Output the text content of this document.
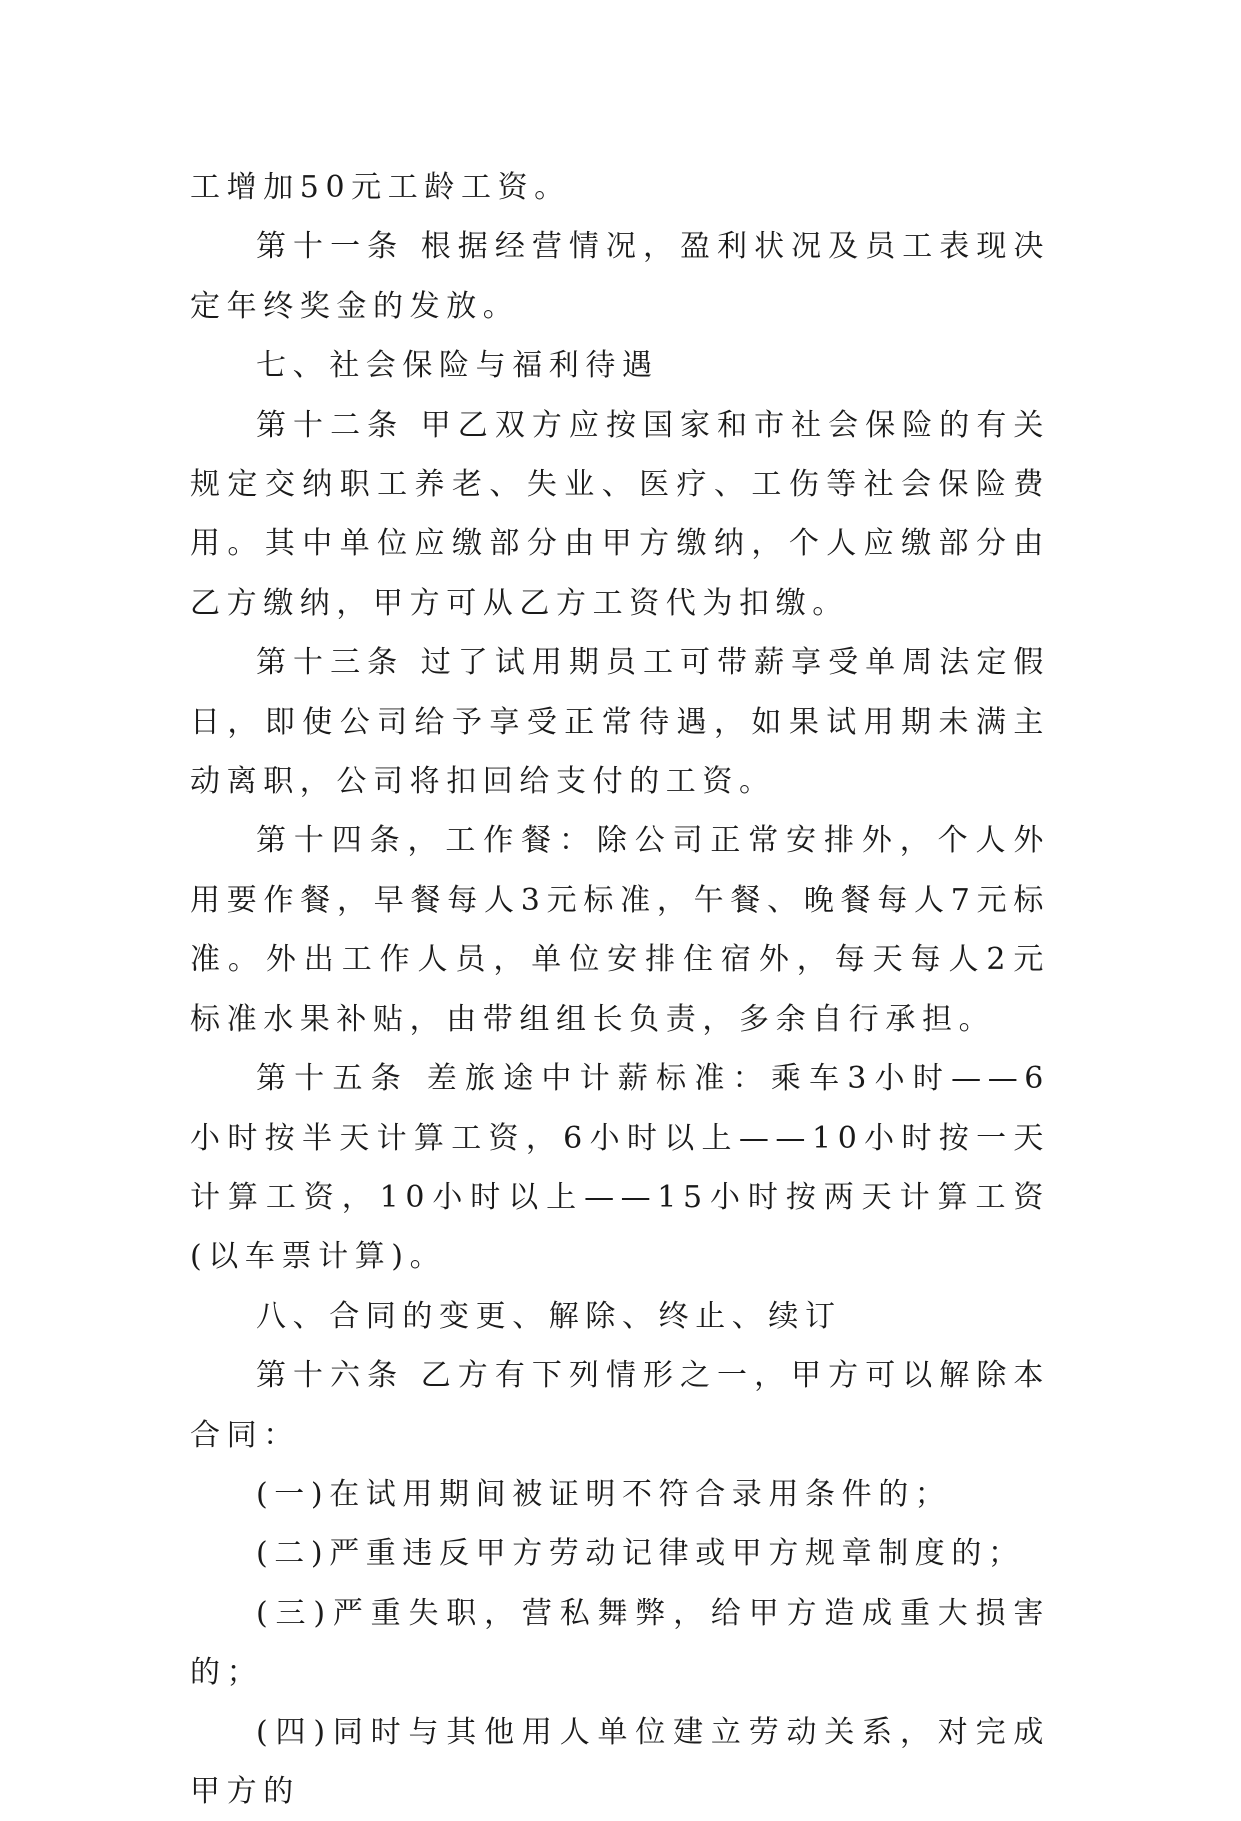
工增加50元工龄工资。

第十一条 根据经营情况，盈利状况及员工表现决定年终奖金的发放。

七、社会保险与福利待遇

第十二条 甲乙双方应按国家和市社会保险的有关规定交纳职工养老、失业、医疗、工伤等社会保险费用。其中单位应缴部分由甲方缴纳，个人应缴部分由乙方缴纳，甲方可从乙方工资代为扣缴。

第十三条 过了试用期员工可带薪享受单周法定假日，即使公司给予享受正常待遇，如果试用期未满主动离职，公司将扣回给支付的工资。

第十四条，工作餐：除公司正常安排外，个人外用要作餐，早餐每人3元标准，午餐、晚餐每人7元标准。外出工作人员，单位安排住宿外，每天每人2元标准水果补贴，由带组组长负责，多余自行承担。

第十五条 差旅途中计薪标准：乘车3小时——6小时按半天计算工资，6小时以上——10小时按一天计算工资，10小时以上——15小时按两天计算工资(以车票计算)。

八、合同的变更、解除、终止、续订

第十六条 乙方有下列情形之一，甲方可以解除本合同：

(一)在试用期间被证明不符合录用条件的；

(二)严重违反甲方劳动记律或甲方规章制度的；

(三)严重失职，营私舞弊，给甲方造成重大损害的；

(四)同时与其他用人单位建立劳动关系，对完成甲方的
